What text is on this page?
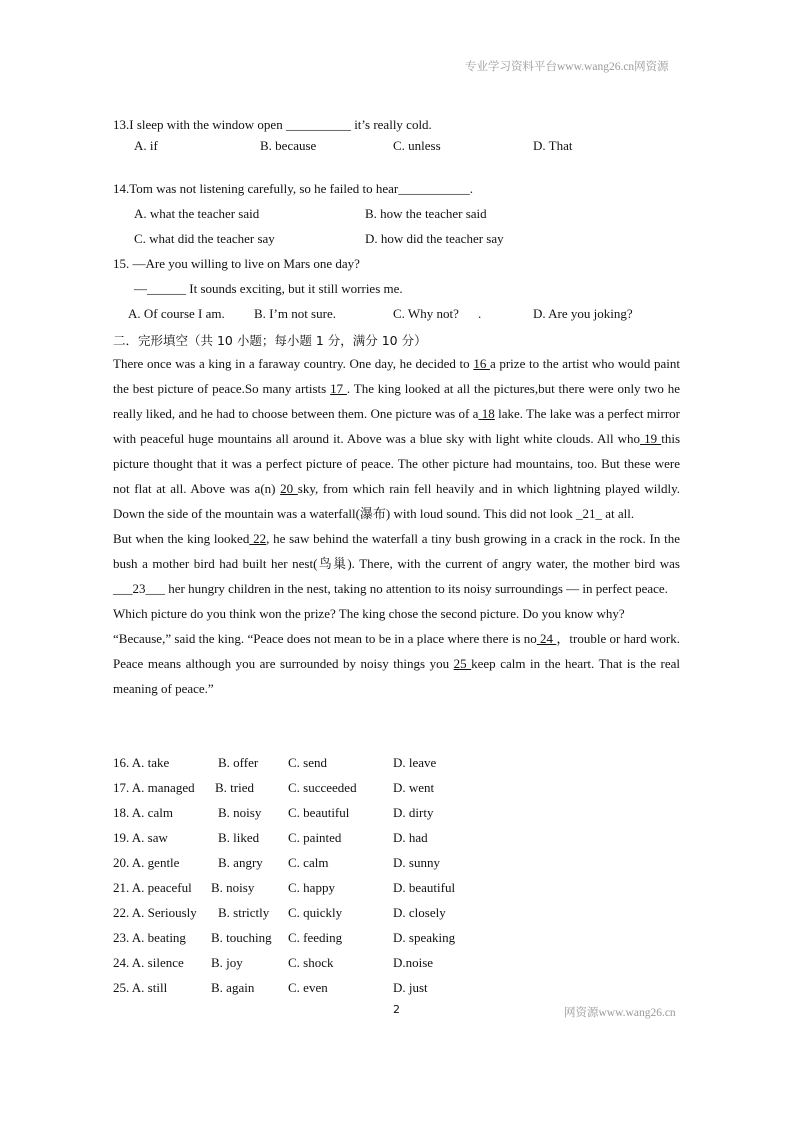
专业学习资料平台www.wang26.cn网资源
13.I sleep with the window open __________ it’s really cold.
A. if	B. because	C. unless	D. That
14.Tom was not listening carefully, so he failed to hear___________.
A. what the teacher said	B. how the teacher said
C. what did the teacher say	D. how did the teacher say
15. —Are you willing to live on Mars one day?
—______ It sounds exciting, but it still worries me.
A. Of course I am. B. I’m not sure.	C. Why not? .	D. Are you joking?
二．完形填空（共 10 小题；每小题 1 分，满分 10 分）

There once was a king in a faraway country. One day, he decided to 16 a prize to the artist who would paint the best picture of peace.So many artists 17 . The king looked at all the pictures,but there were only two he really liked, and he had to choose between them. One picture was of a 18 lake. The lake was a perfect mirror with peaceful huge mountains all around it. Above was a blue sky with light white clouds. All who 19 this picture thought that it was a perfect picture of peace. The other picture had mountains, too. But these were not flat at all. Above was a(n) 20 sky, from which rain fell heavily and in which lightning played wildly. Down the side of the mountain was a waterfall(瀑布) with loud sound. This did not look _21_ at all.

But when the king looked 22, he saw behind the waterfall a tiny bush growing in a crack in the rock. In the bush a mother bird had built her nest(鸟巢). There, with the current of angry water, the mother bird was ___23___ her hungry children in the nest, taking no attention to its noisy surroundings — in perfect peace.

Which picture do you think won the prize? The king chose the second picture. Do you know why?

“Because,” said the king. “Peace does not mean to be in a place where there is no 24 ，trouble or hard work. Peace means although you are surrounded by noisy things you 25 keep calm in the heart. That is the real meaning of peace.”

16. A. take	B. offer C. send	D. leave
17. A. managed B. tried	C. succeeded	D. went
18. A. calm	B. noisy C. beautiful	D. dirty
19. A. saw	B. liked C. painted	D. had
20. A. gentle	B. angry C. calm	D. sunny
21. A. peaceful B. noisy	C. happy	D. beautiful
22. A. Seriously B. strictly C. quickly	D. closely
23. A. beating B. touching C. feeding	D. speaking
24. A. silence B. joy	C. shock	D.noise
25. A. still	B. again	C. even	D. just
2	网资源www.wang26.cn
